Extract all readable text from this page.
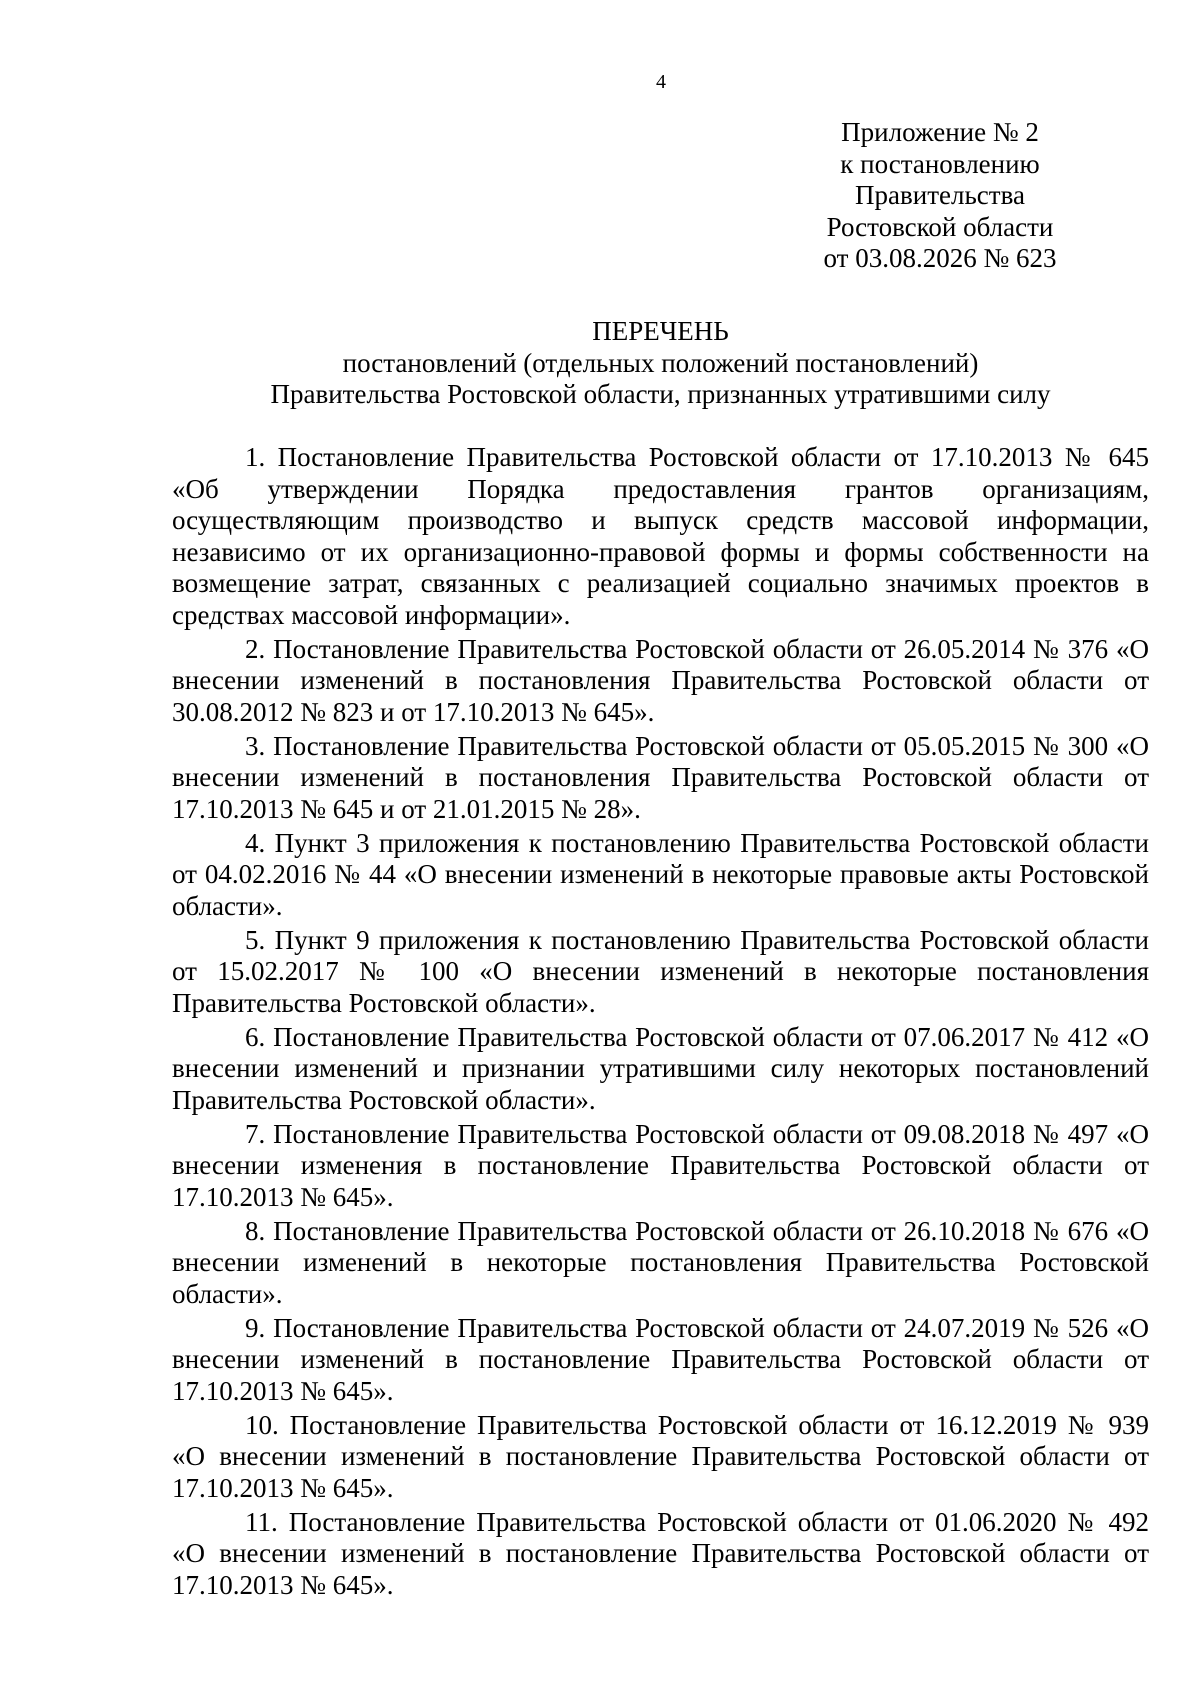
4
Приложение № 2
к постановлению
Правительства
Ростовской области
от 03.08.2026 № 623
ПЕРЕЧЕНЬ
постановлений (отдельных положений постановлений)
Правительства Ростовской области, признанных утратившими силу

1. Постановление Правительства Ростовской области от 17.10.2013 № 645 «Об утверждении Порядка предоставления грантов организациям, осуществляющим производство и выпуск средств массовой информации, независимо от их организационно-правовой формы и формы собственности на возмещение затрат, связанных с реализацией социально значимых проектов в средствах массовой информации».

2. Постановление Правительства Ростовской области от 26.05.2014 № 376 «О внесении изменений в постановления Правительства Ростовской области от 30.08.2012 № 823 и от 17.10.2013 № 645».

3. Постановление Правительства Ростовской области от 05.05.2015 № 300 «О внесении изменений в постановления Правительства Ростовской области от 17.10.2013 № 645 и от 21.01.2015 № 28».

4. Пункт 3 приложения к постановлению Правительства Ростовской области от 04.02.2016 № 44 «О внесении изменений в некоторые правовые акты Ростовской области».

5. Пункт 9 приложения к постановлению Правительства Ростовской области от 15.02.2017 № 100 «О внесении изменений в некоторые постановления Правительства Ростовской области».

6. Постановление Правительства Ростовской области от 07.06.2017 № 412 «О внесении изменений и признании утратившими силу некоторых постановлений Правительства Ростовской области».

7. Постановление Правительства Ростовской области от 09.08.2018 № 497 «О внесении изменения в постановление Правительства Ростовской области от 17.10.2013 № 645».

8. Постановление Правительства Ростовской области от 26.10.2018 № 676 «О внесении изменений в некоторые постановления Правительства Ростовской области».

9. Постановление Правительства Ростовской области от 24.07.2019 № 526 «О внесении изменений в постановление Правительства Ростовской области от 17.10.2013 № 645».

10. Постановление Правительства Ростовской области от 16.12.2019 № 939 «О внесении изменений в постановление Правительства Ростовской области от 17.10.2013 № 645».

11. Постановление Правительства Ростовской области от 01.06.2020 № 492 «О внесении изменений в постановление Правительства Ростовской области от 17.10.2013 № 645».
